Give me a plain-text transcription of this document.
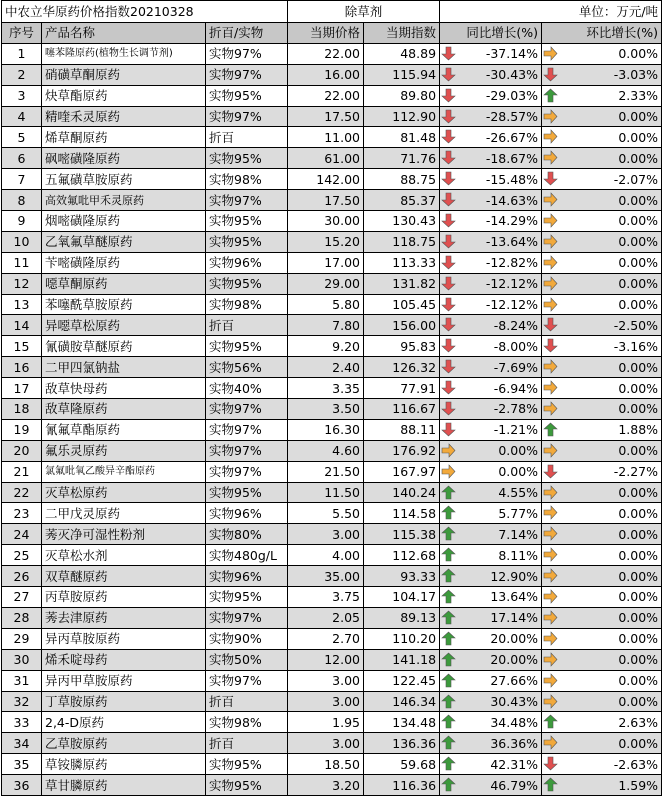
中农立华原药价格指数20210328			除草剂		单位：万元/吨	
序号	产品名称	折百/实物	当期价格	当期指数	同比增长(%)	环比增长(%)
1	噻苯隆原药(植物生长调节剂)	实物97%	22.00	48.89	-37.14%	0.00%
2	硝磺草酮原药	实物97%	16.00	115.94	-30.43%	-3.03%
3	炔草酯原药	实物95%	22.00	89.80	-29.03%	2.33%
4	精喹禾灵原药	实物97%	17.50	112.90	-28.57%	0.00%
5	烯草酮原药	折百	11.00	81.48	-26.67%	0.00%
6	砜嘧磺隆原药	实物95%	61.00	71.76	-18.67%	0.00%
7	五氟磺草胺原药	实物98%	142.00	88.75	-15.48%	-2.07%
8	高效氟吡甲禾灵原药	实物97%	17.50	85.37	-14.63%	0.00%
9	烟嘧磺隆原药	实物95%	30.00	130.43	-14.29%	0.00%
10	乙氧氟草醚原药	实物95%	15.20	118.75	-13.64%	0.00%
11	苄嘧磺隆原药	实物96%	17.00	113.33	-12.82%	0.00%
12	噁草酮原药	实物95%	29.00	131.82	-12.12%	0.00%
13	苯噻酰草胺原药	实物98%	5.80	105.45	-12.12%	0.00%
14	异噁草松原药	折百	7.80	156.00	-8.24%	-2.50%
15	氰磺胺草醚原药	实物95%	9.20	95.83	-8.00%	-3.16%
16	二甲四氯钠盐	实物56%	2.40	126.32	-7.69%	0.00%
17	敌草快母药	实物40%	3.35	77.91	-6.94%	0.00%
18	敌草隆原药	实物97%	3.50	116.67	-2.78%	0.00%
19	氰氟草酯原药	实物97%	16.30	88.11	-1.21%	1.88%
20	氟乐灵原药	实物97%	4.60	176.92	0.00%	0.00%
21	氯氟吡氧乙酸异辛酯原药	实物97%	21.50	167.97	0.00%	-2.27%
22	灭草松原药	实物95%	11.50	140.24	4.55%	0.00%
23	二甲戊灵原药	实物96%	5.50	114.58	5.77%	0.00%
24	莠灭净可湿性粉剂	实物80%	3.00	115.38	7.14%	0.00%
25	灭草松水剂	实物480g/L	4.00	112.68	8.11%	0.00%
26	双草醚原药	实物96%	35.00	93.33	12.90%	0.00%
27	丙草胺原药	实物95%	3.75	104.17	13.64%	0.00%
28	莠去津原药	实物97%	2.05	89.13	17.14%	0.00%
29	异丙草胺原药	实物90%	2.70	110.20	20.00%	0.00%
30	烯禾啶母药	实物50%	12.00	141.18	20.00%	0.00%
31	异丙甲草胺原药	实物97%	3.00	122.45	27.66%	0.00%
32	丁草胺原药	折百	3.00	146.34	30.43%	0.00%
33	2,4-D原药	实物98%	1.95	134.48	34.48%	2.63%
34	乙草胺原药	折百	3.00	136.36	36.36%	0.00%
35	草铵膦原药	实物95%	18.50	59.68	42.31%	-2.63%
36	草甘膦原药	实物95%	3.20	116.36	46.79%	1.59%
